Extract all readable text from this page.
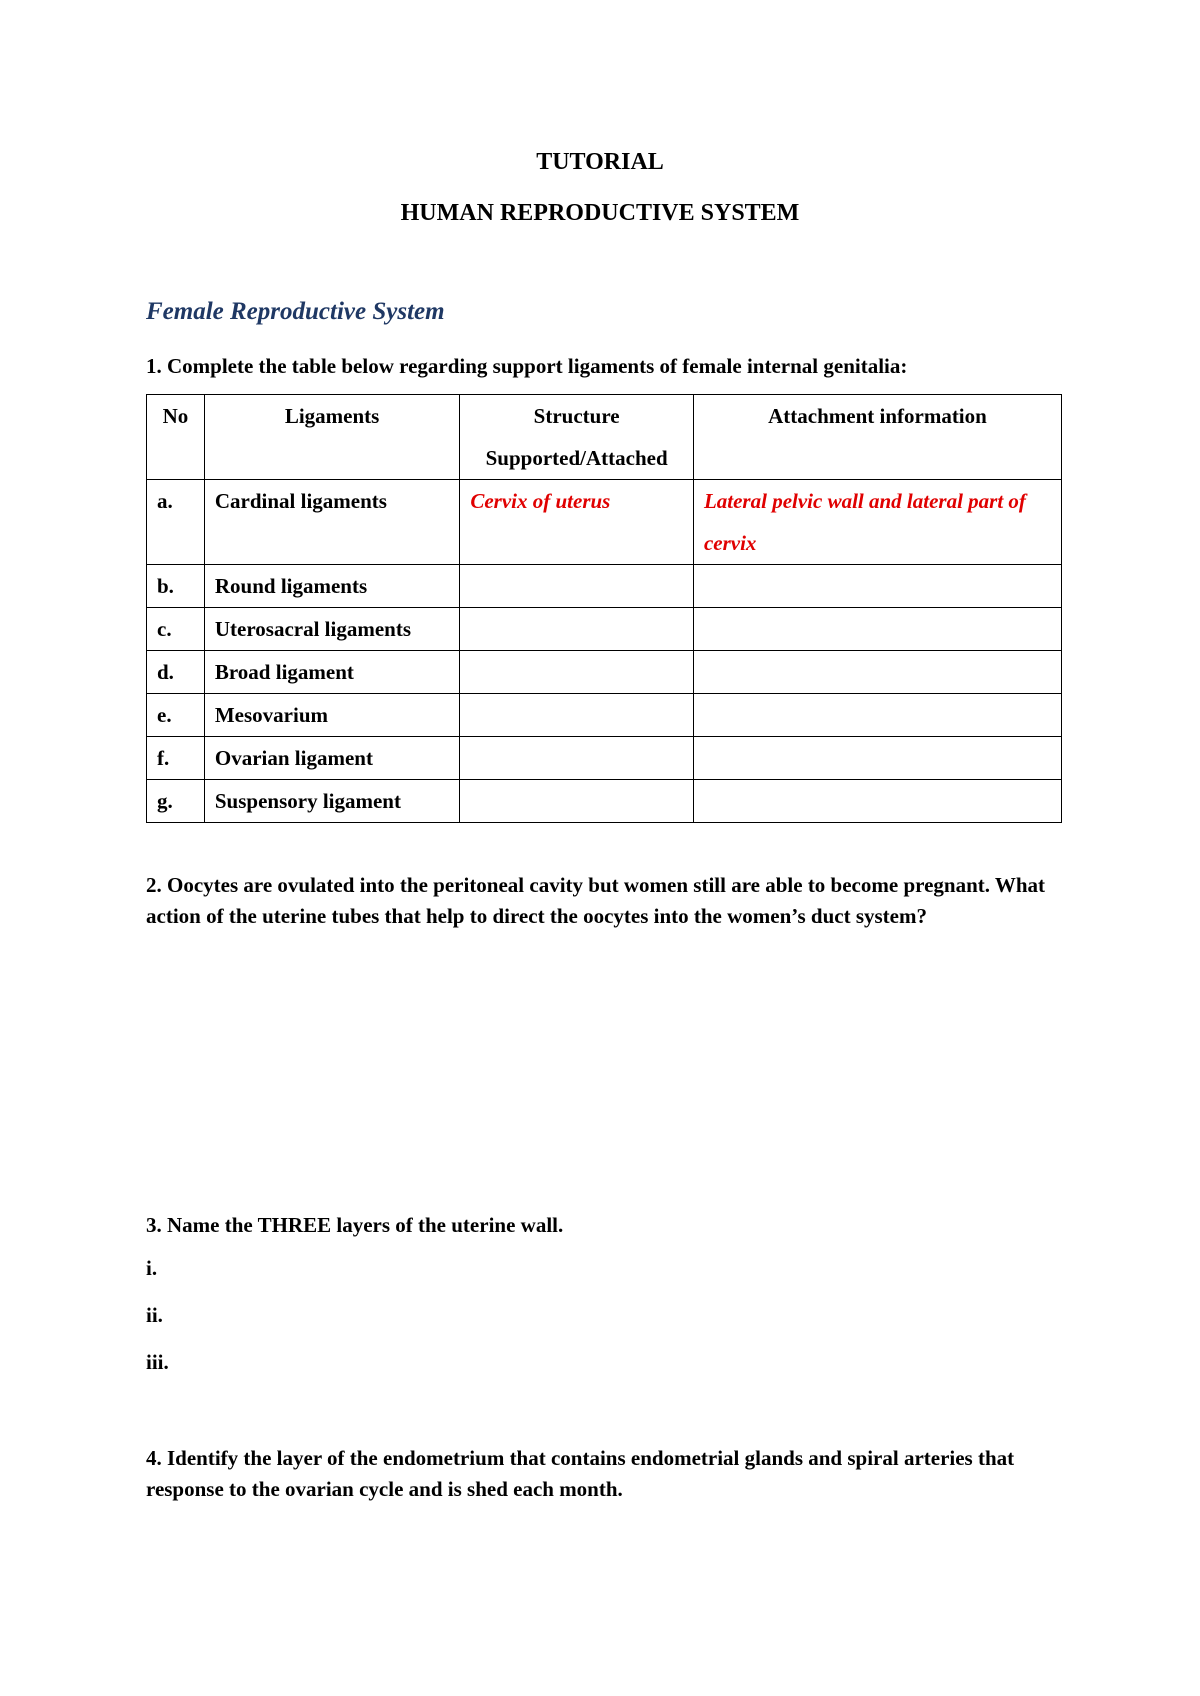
TUTORIAL
HUMAN REPRODUCTIVE SYSTEM
Female Reproductive System

1. Complete the table below regarding support ligaments of female internal genitalia:

No	Ligaments	Structure Supported/Attached	Attachment information
a.	Cardinal ligaments	Cervix of uterus	Lateral pelvic wall and lateral part of cervix
b.	Round ligaments		
c.	Uterosacral ligaments		
d.	Broad ligament		
e.	Mesovarium		
f.	Ovarian ligament		
g.	Suspensory ligament		

2. Oocytes are ovulated into the peritoneal cavity but women still are able to become pregnant. What action of the uterine tubes that help to direct the oocytes into the women’s duct system?

3. Name the THREE layers of the uterine wall.

i.

ii.

iii.

4. Identify the layer of the endometrium that contains endometrial glands and spiral arteries that response to the ovarian cycle and is shed each month.
